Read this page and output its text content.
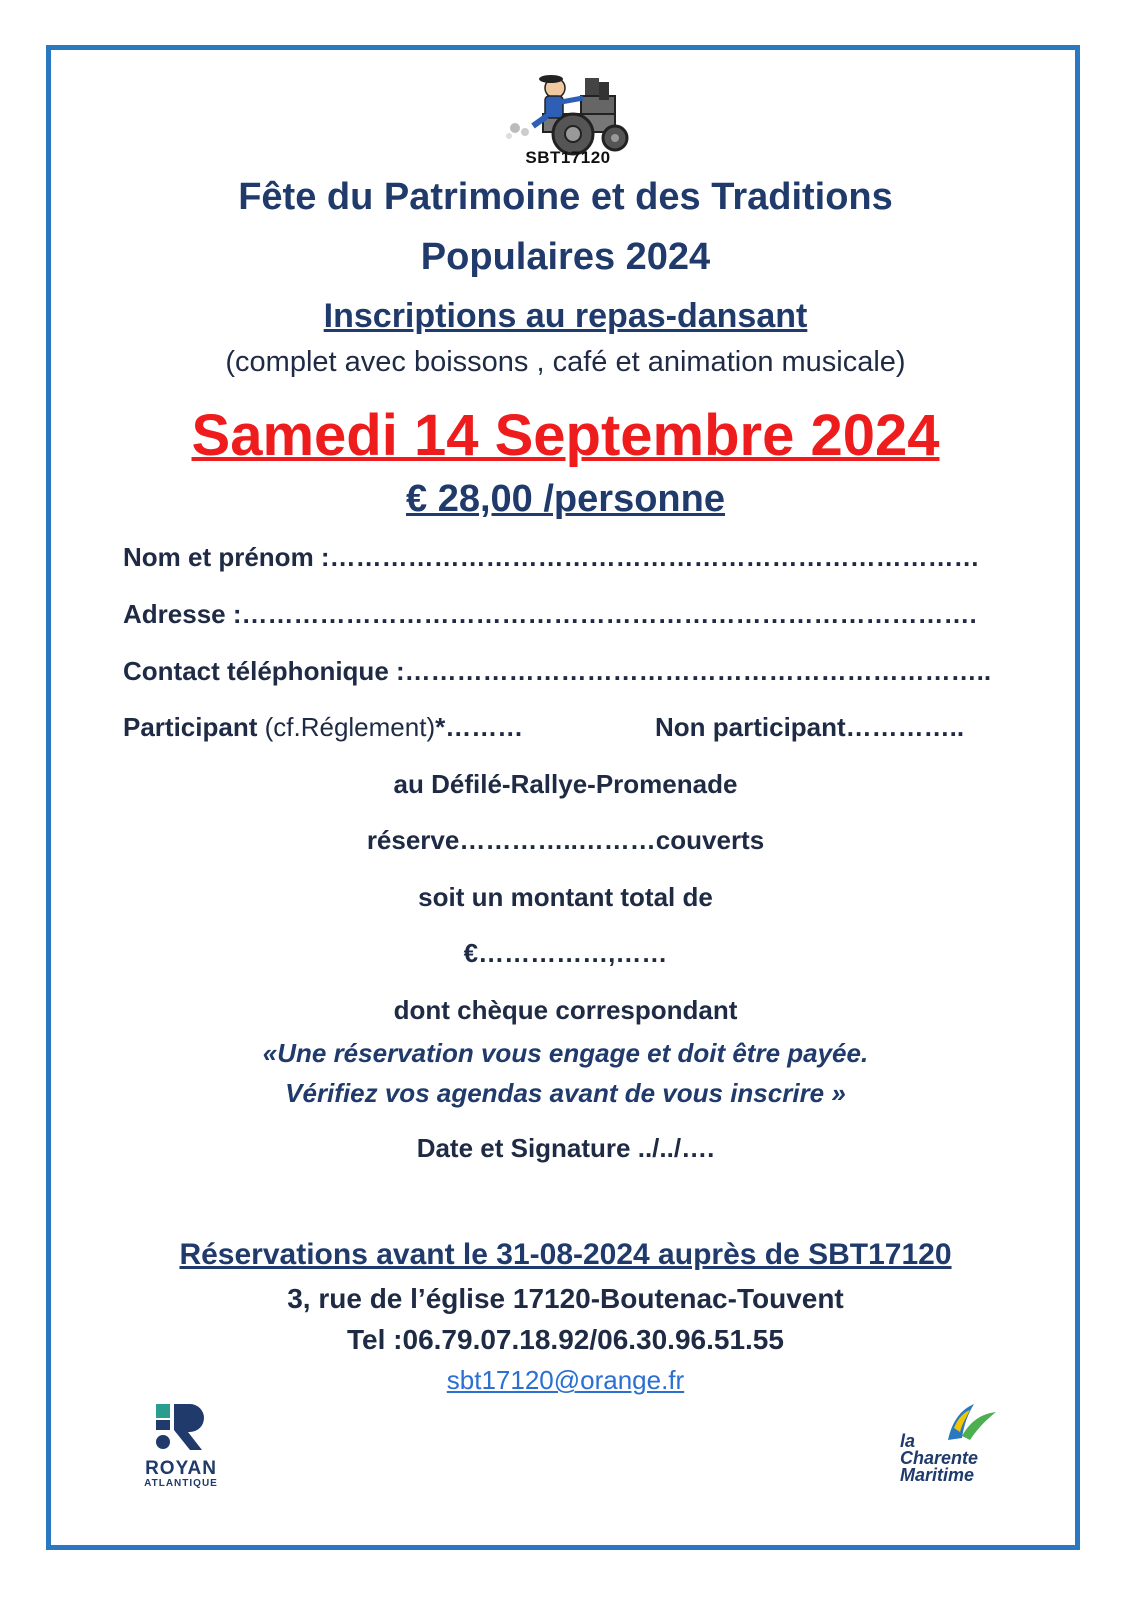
SBT17120
Fête du Patrimoine et des Traditions
Populaires 2024
Inscriptions au repas-dansant
(complet avec boissons , café et animation musicale)
Samedi 14 Septembre 2024
€ 28,00 /personne
Nom et prénom :…………………………………………………………………
Adresse :………………………………………………………………………….
Contact téléphonique :…………………………………………………………..
Participant (cf.Réglement)*………	Non participant…………..
au Défilé-Rallye-Promenade
réserve…………..………couverts
soit un montant total de
€……………,……
dont chèque correspondant
«Une réservation vous engage et doit être payée.
Vérifiez vos agendas avant de vous inscrire »
Date et Signature ../../….
Réservations avant le 31-08-2024 auprès de SBT17120
3, rue de l’église 17120-Boutenac-Touvent
Tel :06.79.07.18.92/06.30.96.51.55
sbt17120@orange.fr
ROYAN
ATLANTIQUE
la
Charente
Maritime
